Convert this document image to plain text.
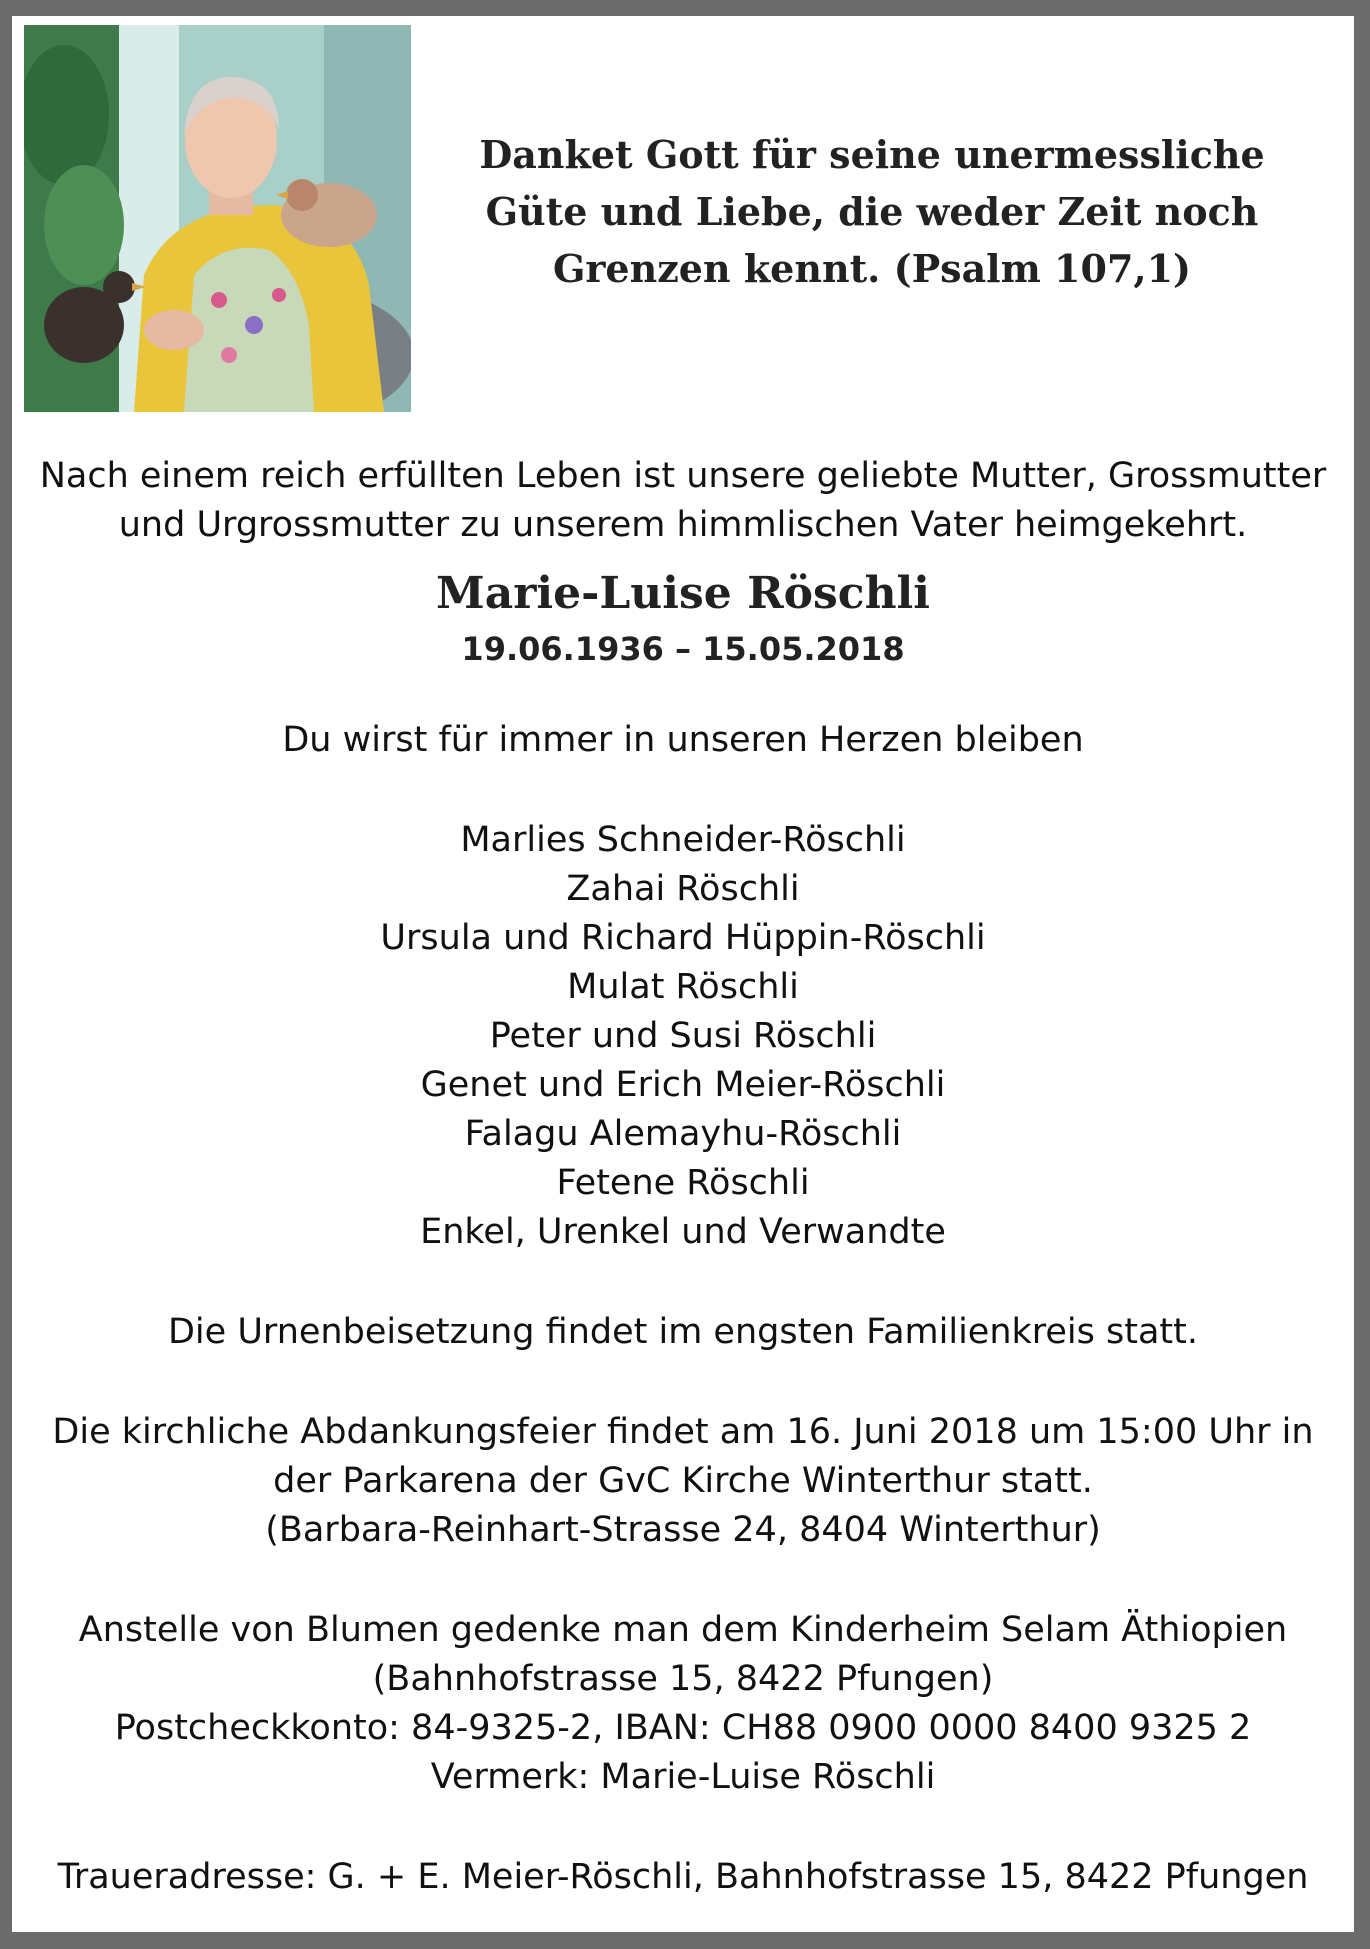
Danket Gott für seine unermessliche
Güte und Liebe, die weder Zeit noch
Grenzen kennt. (Psalm 107,1)
Nach einem reich erfüllten Leben ist unsere geliebte Mutter, Grossmutter
und Urgrossmutter zu unserem himmlischen Vater heimgekehrt.
Marie-Luise Röschli
19.06.1936 – 15.05.2018
Du wirst für immer in unseren Herzen bleiben
Marlies Schneider-Röschli
Zahai Röschli
Ursula und Richard Hüppin-Röschli
Mulat Röschli
Peter und Susi Röschli
Genet und Erich Meier-Röschli
Falagu Alemayhu-Röschli
Fetene Röschli
Enkel, Urenkel und Verwandte
Die Urnenbeisetzung findet im engsten Familienkreis statt.
Die kirchliche Abdankungsfeier findet am 16. Juni 2018 um 15:00 Uhr in
der Parkarena der GvC Kirche Winterthur statt.
(Barbara-Reinhart-Strasse 24, 8404 Winterthur)
Anstelle von Blumen gedenke man dem Kinderheim Selam Äthiopien
(Bahnhofstrasse 15, 8422 Pfungen)
Postcheckkonto: 84-9325-2, IBAN: CH88 0900 0000 8400 9325 2
Vermerk: Marie-Luise Röschli
Traueradresse: G. + E. Meier-Röschli, Bahnhofstrasse 15, 8422 Pfungen
